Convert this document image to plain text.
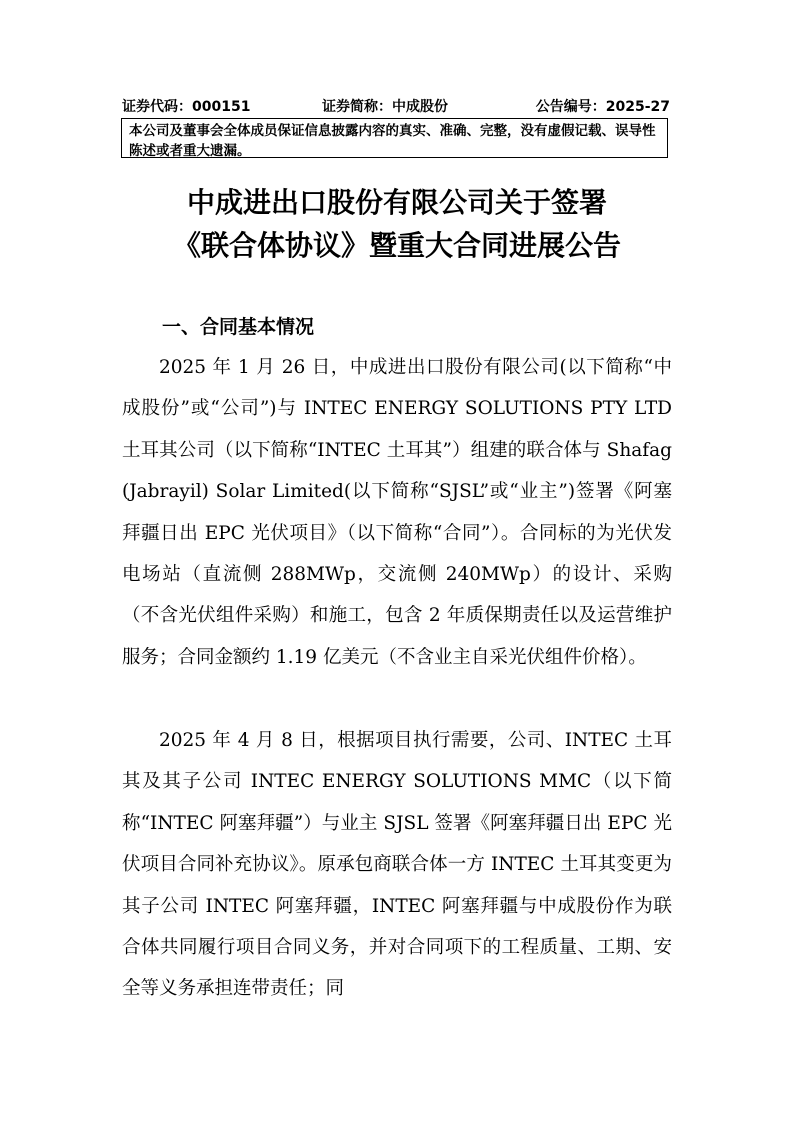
证券代码：000151	证券简称：中成股份	公告编号：2025-27
本公司及董事会全体成员保证信息披露内容的真实、准确、完整，没有虚假记载、误导性陈述或者重大遗漏。
中成进出口股份有限公司关于签署
《联合体协议》暨重大合同进展公告
一、合同基本情况
2025 年 1 月 26 日，中成进出口股份有限公司(以下简称“中成股份”或“公司”)与 INTEC ENERGY SOLUTIONS PTY LTD 土耳其公司（以下简称“INTEC 土耳其”）组建的联合体与 Shafag (Jabrayil) Solar Limited(以下简称“SJSL”或“业主”)签署《阿塞拜疆日出 EPC 光伏项目》（以下简称“合同”）。合同标的为光伏发电场站（直流侧 288MWp，交流侧 240MWp）的设计、采购（不含光伏组件采购）和施工，包含 2 年质保期责任以及运营维护服务；合同金额约 1.19 亿美元（不含业主自采光伏组件价格）。
2025 年 4 月 8 日，根据项目执行需要，公司、INTEC 土耳其及其子公司 INTEC ENERGY SOLUTIONS MMC（以下简称“INTEC 阿塞拜疆”）与业主 SJSL 签署《阿塞拜疆日出 EPC 光伏项目合同补充协议》。原承包商联合体一方 INTEC 土耳其变更为其子公司 INTEC 阿塞拜疆，INTEC 阿塞拜疆与中成股份作为联合体共同履行项目合同义务，并对合同项下的工程质量、工期、安全等义务承担连带责任；同
